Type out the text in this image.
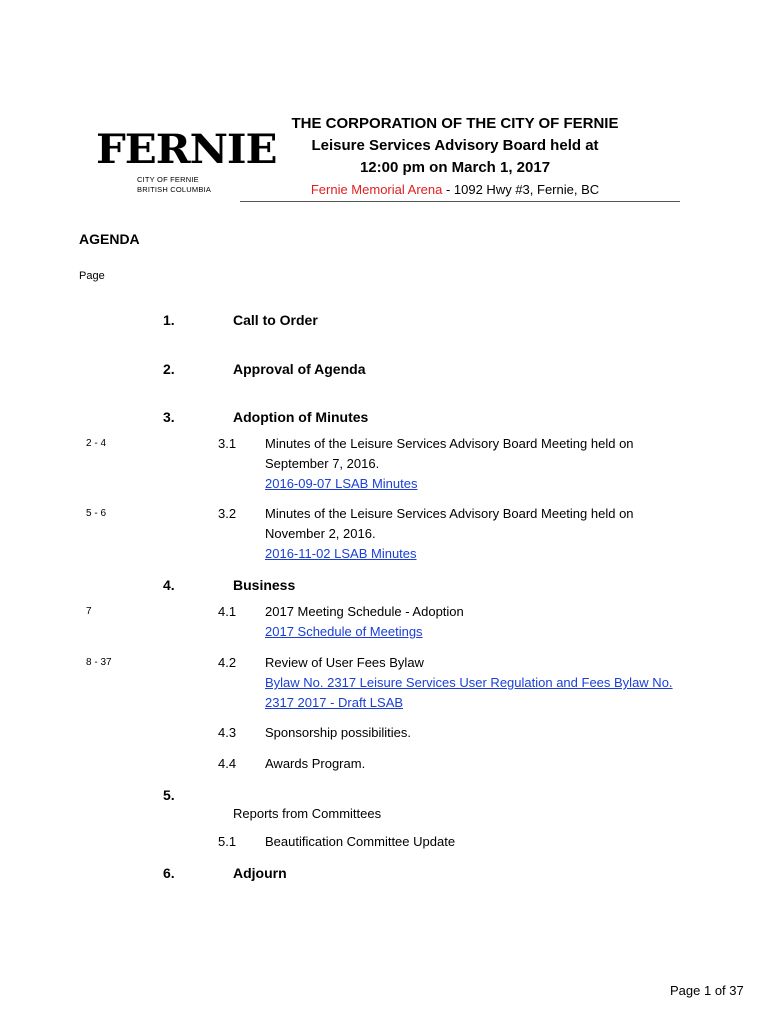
FERNIE
CITY OF FERNIE
BRITISH COLUMBIA
THE CORPORATION OF THE CITY OF FERNIE
Leisure Services Advisory Board held at
12:00 pm on March 1, 2017
Fernie Memorial Arena - 1092 Hwy #3, Fernie, BC
AGENDA
Page
1.	Call to Order
2.	Approval of Agenda
3.	Adoption of Minutes
2 - 4	3.1 Minutes of the Leisure Services Advisory Board Meeting held on
September 7, 2016.
2016-09-07 LSAB Minutes
5 - 6	3.2 Minutes of the Leisure Services Advisory Board Meeting held on
November 2, 2016.
2016-11-02 LSAB Minutes
4.	Business
7	4.1 2017 Meeting Schedule - Adoption
2017 Schedule of Meetings
8 - 37	4.2 Review of User Fees Bylaw
Bylaw No. 2317 Leisure Services User Regulation and Fees Bylaw No.
2317 2017 - Draft LSAB
4.3 Sponsorship possibilities.
4.4 Awards Program.
5.
Reports from Committees
5.1 Beautification Committee Update
6.	Adjourn
Page 1 of 37
